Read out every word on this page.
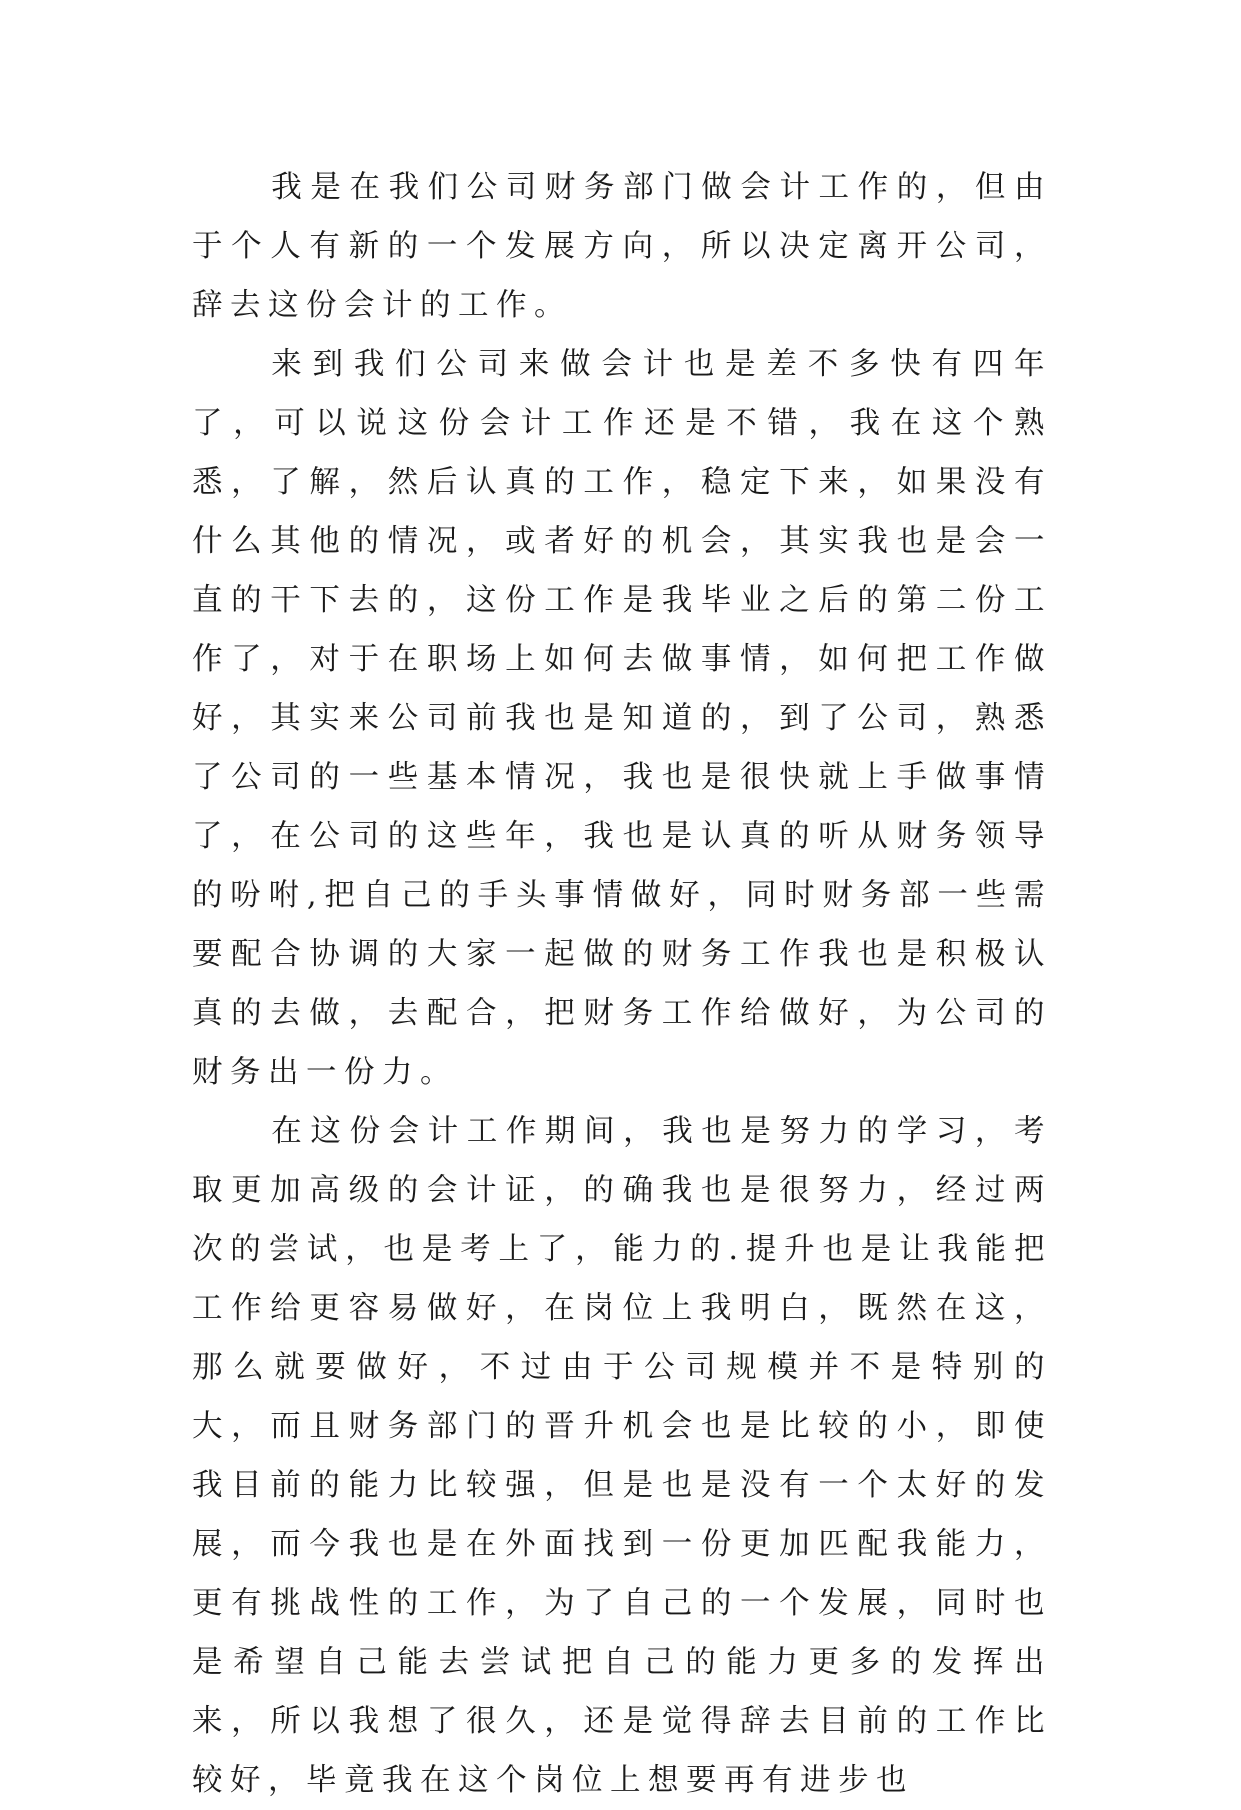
我是在我们公司财务部门做会计工作的，但由于个人有新的一个发展方向，所以决定离开公司，辞去这份会计的工作。

来到我们公司来做会计也是差不多快有四年了，可以说这份会计工作还是不错，我在这个熟悉，了解，然后认真的工作，稳定下来，如果没有什么其他的情况，或者好的机会，其实我也是会一直的干下去的，这份工作是我毕业之后的第二份工作了，对于在职场上如何去做事情，如何把工作做好，其实来公司前我也是知道的，到了公司，熟悉了公司的一些基本情况，我也是很快就上手做事情了，在公司的这些年，我也是认真的听从财务领导的吩咐,把自己的手头事情做好，同时财务部一些需要配合协调的大家一起做的财务工作我也是积极认真的去做，去配合，把财务工作给做好，为公司的财务出一份力。

在这份会计工作期间，我也是努力的学习，考取更加高级的会计证，的确我也是很努力，经过两次的尝试，也是考上了，能力的.提升也是让我能把工作给更容易做好，在岗位上我明白，既然在这，那么就要做好，不过由于公司规模并不是特别的大，而且财务部门的晋升机会也是比较的小，即使我目前的能力比较强，但是也是没有一个太好的发展，而今我也是在外面找到一份更加匹配我能力，更有挑战性的工作，为了自己的一个发展，同时也是希望自己能去尝试把自己的能力更多的发挥出来，所以我想了很久，还是觉得辞去目前的工作比较好，毕竟我在这个岗位上想要再有进步也
